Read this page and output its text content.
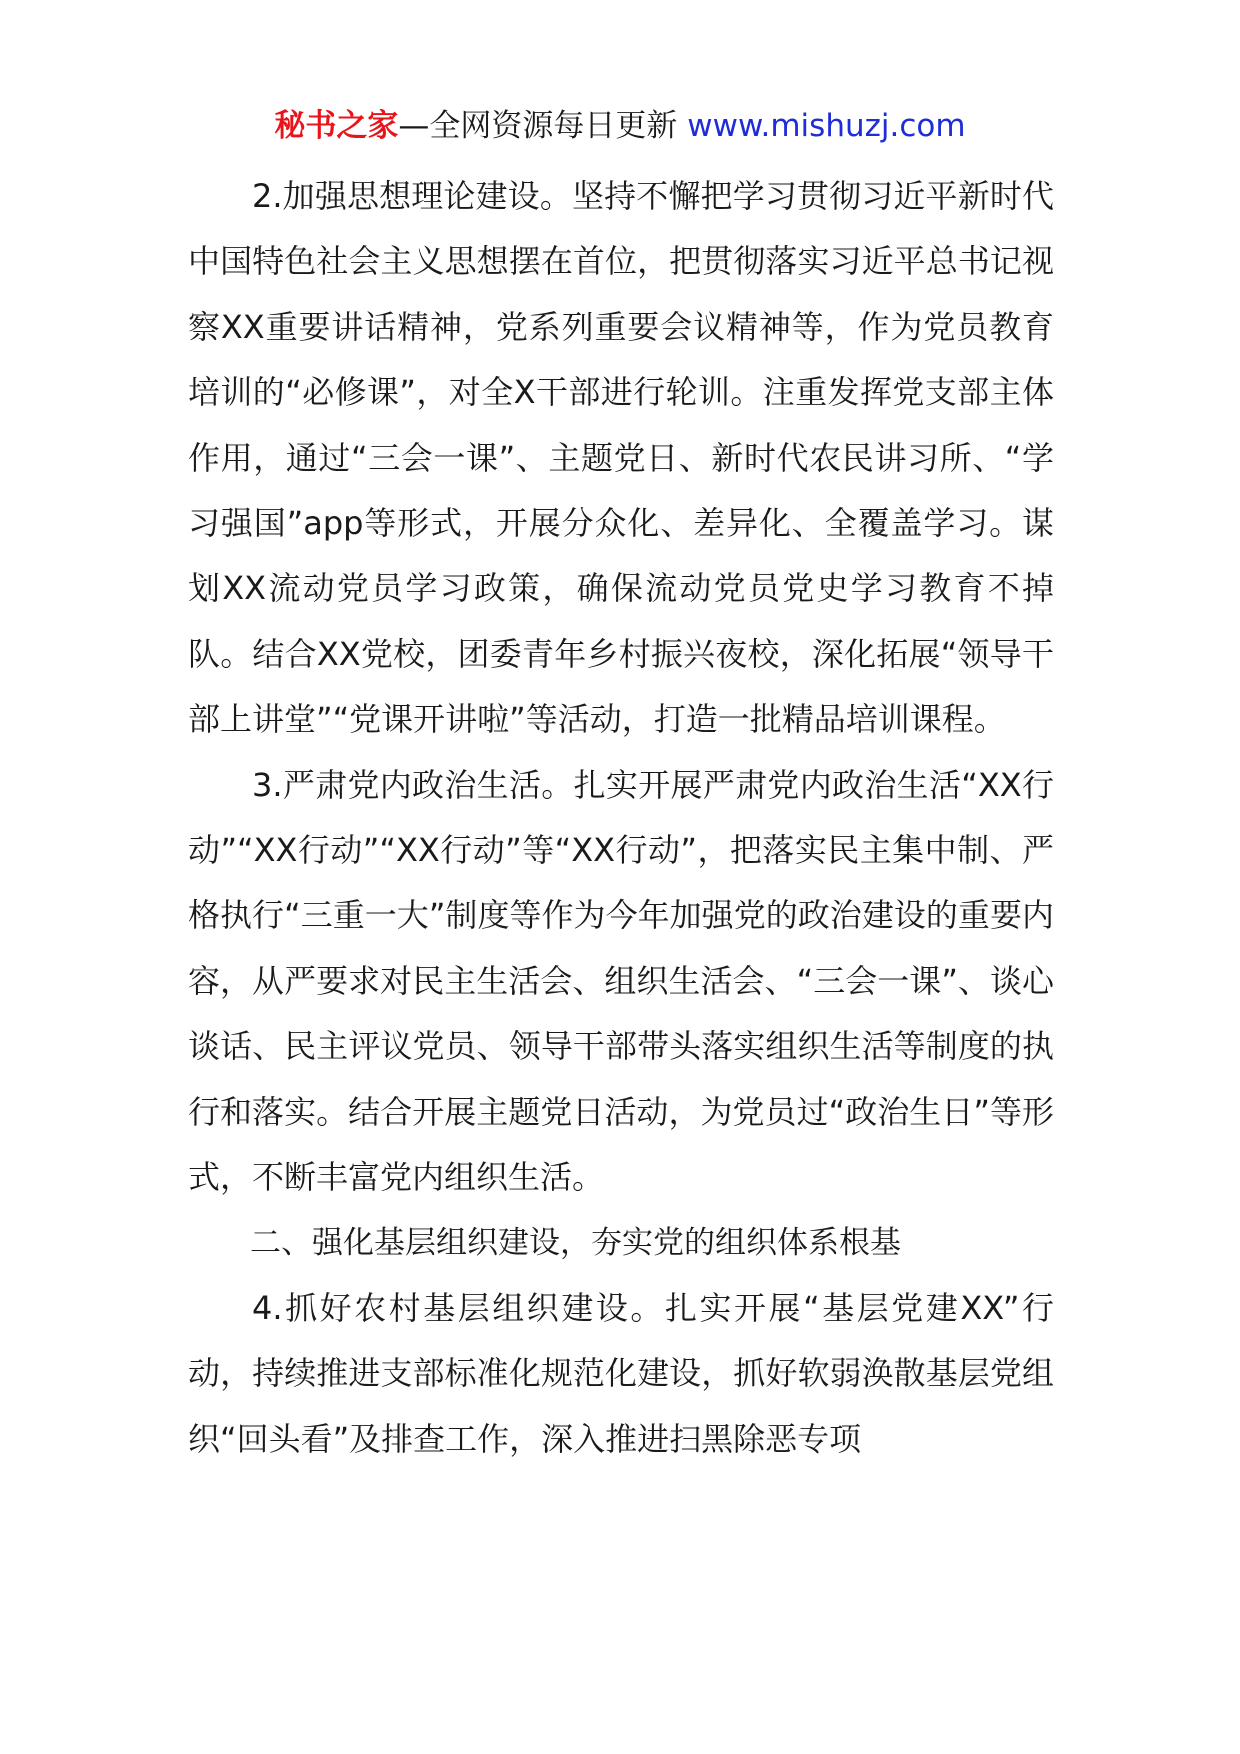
秘书之家—全网资源每日更新 www.mishuzj.com

2.加强思想理论建设。坚持不懈把学习贯彻习近平新时代中国特色社会主义思想摆在首位，把贯彻落实习近平总书记视察XX重要讲话精神，党系列重要会议精神等，作为党员教育培训的“必修课”，对全X干部进行轮训。注重发挥党支部主体作用，通过“三会一课”、主题党日、新时代农民讲习所、“学习强国”app等形式，开展分众化、差异化、全覆盖学习。谋划XX流动党员学习政策，确保流动党员党史学习教育不掉队。结合XX党校，团委青年乡村振兴夜校，深化拓展“领导干部上讲堂”“党课开讲啦”等活动，打造一批精品培训课程。

3.严肃党内政治生活。扎实开展严肃党内政治生活“XX行动”“XX行动”“XX行动”等“XX行动”，把落实民主集中制、严格执行“三重一大”制度等作为今年加强党的政治建设的重要内容，从严要求对民主生活会、组织生活会、“三会一课”、谈心谈话、民主评议党员、领导干部带头落实组织生活等制度的执行和落实。结合开展主题党日活动，为党员过“政治生日”等形式，不断丰富党内组织生活。

二、强化基层组织建设，夯实党的组织体系根基

4.抓好农村基层组织建设。扎实开展“基层党建XX”行动，持续推进支部标准化规范化建设，抓好软弱涣散基层党组织“回头看”及排查工作，深入推进扫黑除恶专项
